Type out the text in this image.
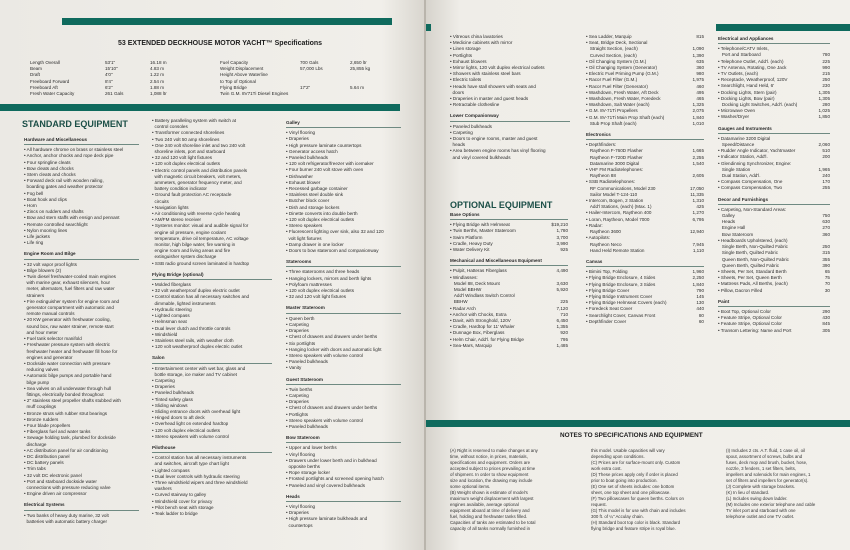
53 EXTENDED DECKHOUSE MOTOR YACHT™ Specifications
Length Overall	53'1"	16.18 m	Fuel Capacity	700 Gals	2,650 ltr
Beam	15'10"	4.83 m	Weight Displacement	57,000 Lbs	25,855 kg
Draft	4'0"	1.22 m	Height Above Waterline
Freeboard Forward	8'4"	2.54 m	to Top of Optional
Freeboard Aft	6'2"	1.88 m	Flying Bridge	17'2"	5.64 m
Fresh Water Capacity	261 Gals	1,088 ltr	Twin G.M. 8V71Ti Diesel Engines
STANDARD EQUIPMENT
Hardware and Miscellaneous
• All hardware chrome on brass or stainless steel
• Anchor, anchor chocks and rope deck pipe
• Four springline cleats
• Bow cleats and chocks
• Stern cleats and chocks
• Forward deck rail with wooden railing,
boarding gates and weather protector
• Fog bell
• Boat hook and clips
• Horn
• Zincs on rudders and shafts
• Bow and stern staffs with ensign and pennant
• Remote controlled searchlight
• Nylon mooring lines
• Life jackets
• Life ring
Engine Room and Bilge
• 32 volt vapor proof lights
• Bilge blowers (2)
• Twin diesel freshwater-cooled main engines
with marine gear, exhaust silencers, hour
meter, alternators, fuel filters and raw water
strainers
• Fire extinguisher system for engine room and
generator compartment with automatic and
remote manual controls
• 20 KW generator with freshwater cooling,
sound box, raw water strainer, remote start
and hour meter
• Fuel tank selector manifold
• Freshwater pressure system with electric
freshwater heater and freshwater fill hose for
engines and generator
• Dockside water connection with pressure
reducing valves
• Automatic bilge pumps and portable hand
bilge pump
• Sea valves on all underwater through hull
fittings, electrically bonded throughout
• 2" stainless steel propeller shafts stubbed with
muff couplings
• Bronze struts with rubber strut bearings
• Bronze rudders
• Four blade propellers
• Fiberglass fuel and water tanks
• Sewage holding tank, plumbed for dockside
discharge
• AC distribution panel for air conditioning
• DC distribution panel
• DC battery panels
• Trim tabs
• 32 volt DC electronic panel
• Port and starboard dockside water
connections with pressure reducing valve
• Engine driven air compressor
Electrical Systems
• Two banks of heavy duty marine, 32 volt
batteries with automatic battery charger
• Battery paralleling system with switch at
control consoles
• Transformer connected shorelines
• Two 240 volt 50 amp shorelines
• One 240 volt shoreline inlet and two 240 volt
shoreline inlets, port and starboard
• 32 and 120 volt light fixtures
• 120 volt duplex electrical outlets
• Electric control panels and distribution panels
with magnetic circuit breakers, volt meters,
ammeters, generator frequency meter, and
battery condition indicator
• Ground fault protection AC receptacle
circuits
• Navigation lights
• Air conditioning with reverse cycle heating
• AM/FM stereo receiver
• Systems monitor: visual and audible signal for
engine oil pressure, engine coolant
temperature, drive oil temperature, AC voltage
monitor, high bilge water, fire warning in
engine room and living areas and fire
extinguisher system discharge
• SSB radio ground screen laminated in hardtop
Flying Bridge (optional)
• Molded fiberglass
• 32 volt weatherproof duplex electric outlet
• Control station has all necessary switches and
dimmable, lighted instruments
• Hydraulic steering
• Lighted compass
• Helmsman seat
• Dual lever clutch and throttle controls
• Windshield
• Stainless steel rails, with weather cloth
• 120 volt weatherproof duplex electric outlet
Salon
• Entertainment center with wet bar, glass and
bottle storage, ice maker and TV cabinet
• Carpeting
• Draperies
• Paneled bulkheads
• Tinted safety glass
• Sliding windows
• Sliding entrance doors with overhead light
• Hinged doors to aft deck
• Overhead light on extended hardtop
• 120 volt duplex electrical outlets
• Stereo speakers with volume control
Pilothouse
• Control station has all necessary instruments
and switches, aircraft type chart light
• Lighted compass
• Dual lever controls with hydraulic steering
• Three windshield wipers and three windshield
washers
• Curved stairway to galley
• Windshield cover for privacy
• Pilot bench seat with storage
• Teak ladder to bridge
Galley
• Vinyl flooring
• Draperies
• High pressure laminate countertops
• Generator access hatch
• Paneled bulkheads
• 120 volt refrigerator/freezer with icemaker
• Four burner 240 volt stove with oven
• Dishwasher
• Exhaust blower
• Recessed garbage container
• Stainless steel double sink
• Butcher block cover
• Dish and storage lockers
• Dinette converts into double berth
• 120 volt duplex electrical outlets
• Stereo speakers
• Fluorescent lighting over sink, also 32 and 120
volt light fixtures
• Damp drawer in one locker
• Doors to bow stateroom and companionway
Staterooms
• Three staterooms and three heads
• Hanging lockers, mirrors and berth lights
• Polyfoam mattresses
• 120 volt duplex electrical outlets
• 32 and 120 volt light fixtures
Master Stateroom
• Queen berth
• Carpeting
• Draperies
• Chest of drawers and drawers under berths
• Six portlights
• Hanging locker with doors and automatic light
• Stereo speakers with volume control
• Paneled bulkheads
• Vanity
Guest Stateroom
• Twin berths
• Carpeting
• Draperies
• Chest of drawers and drawers under berths
• Portlights
• Stereo speakers with volume control
• Paneled bulkheads
Bow Stateroom
• Upper and lower berths
• Vinyl flooring
• Drawers under lower berth and in bulkhead
opposite berths
• Rope storage locker
• Frosted portlights and screened opening hatch
• Paneled and vinyl covered bulkheads
Heads
• Vinyl flooring
• Draperies
• High pressure laminate bulkheads and
countertops
• Vitreous china lavatories
• Medicine cabinets with mirror
• Linen storage
• Portlights
• Exhaust blowers
• Mirror lights, 120 volt duplex electrical outlets
• Showers with stainless steel bars
• Electric toilets
• Heads have stall showers with seats and
doors
• Draperies in master and guest heads
• Retractable clothesline
Lower Companionway
• Paneled bulkheads
• Carpeting
• Doors to engine rooms, master and guest
heads
• Area between engine rooms has vinyl flooring
and vinyl covered bulkheads
OPTIONAL EQUIPMENT
Base Options
• Flying Bridge with Helmseat	$19,210
• Twin Berths, Master Stateroom	1,780
• Swim Platform	3,700
• Cradle, Heavy Duty	3,990
• Water Delivery Kit	925
Mechanical and Miscellaneous Equipment
• Pulpit, Hatteras Fiberglass	4,490
• Windlasses:
Model 88, Deck Mount	3,630
Model BBHW	5,920
Add'l Windlass Switch Control
BBHW	225
• Radar Arch	7,120
• Anchor with Chocks, Extra	710
• Davit, with Stronghold, 120V	6,450
• Cradle, Hardtop for 11' Whaler	1,355
• Dunnage Box, Fiberglass	920
• Helm Chair, Add'l. for Flying Bridge	795
• Sea-Mars, Marquip	1,485
• Sea Ladder, Marquip	815
• Seat, Bridge Deck, Sectional
Straight Section, (each)	1,090
Curved Section, (each)	1,390
• Oil Changing System (G.M.)	635
• Oil Changing System (Generator)	360
• Electric Fuel Priming Pump (G.M.)	980
• Racor Fuel Filter (G.M.)	1,975
• Racor Fuel Filter (Generator)	460
• Washdown, Fresh Water, Aft Deck	495
• Washdown, Fresh Water, Foredeck	465
• Washdown, Salt Water (each)	1,325
• G.M. 8V-71Ti Propellers	2,075
• G.M. 8V-71Ti Main Prop Shaft (each)	1,840
Stub Prop Shaft (each)	1,010
Electronics
• Depthfinders:
Raytheon F-760D Flasher	1,665
Raytheon F-720D Flasher	2,255
Datamarine 3000 Digital	1,540
• VHF FM Radiotelephones:
Raytheon 88	2,605
• SSB Radiotelephones:
RF Communications, Model 230	17,050
Sailor Model T-124-110	11,335
• Intercom, Bogen, 2 Station	1,310
Add'l Stations, (each) (Max. 1)	425
• Hailer-Intercom, Raytheon 400	1,270
• Loran, Raytheon, Model 7000	6,795
• Radar:
Raytheon 3600	12,940
• Autopilots:
Raytheon Neco	7,945
Hand Held Remote Station	1,110
Canvas
• Bimini Top, Folding	1,960
• Flying Bridge Enclosure, 4 Sides	2,250
• Flying Bridge Enclosure, 3 Sides	1,840
• Flying Bridge Cover	790
• Flying Bridge Instrument Cover	145
• Flying Bridge Helmseat Covers (each)	130
• Foredeck Seat Cover	440
• Searchlight Cover, Canvas Front	80
• Depthfinder Cover	60
Electrical and Appliances
• Telephone/CATV Inlets,
Port and Starboard	780
• Telephone Outlet, Add'l. (each)	225
• TV Antenna, Rotating, One Jack	990
• TV Outlets, (each)	215
• Receptacle, Weatherproof, 120V	250
• Searchlight, Hand Held, 6'	230
• Docking Lights, Stern (pair)	1,305
• Docking Lights, Bow (pair)	1,305
Docking Light Switches, Add'l. (each)	280
• Microwave Oven	1,025
• Washer/Dryer	1,850
Gauges and Instruments
• Datamarine 3200 Digital
Speed/Distance	2,060
• Rudder Angle Indicator, Yachtmaster	510
• Indicator Station, Add'l.	200
• Glendinning Synchronizer, Engine:
Single Station	1,965
Dual Station, Add'l.	240
• Compass Compensation, One	170
• Compass Compensation, Two	255
Decor and Furnishings
• Carpeting, Non-Standard Areas:
Galley	750
Heads	630
Engine Hall	270
Bow Stateroom	360
• Headboards Upholstered, (each)
Single Berth, Non-Quilted Fabric	250
Single Berth, Quilted Fabric	315
Queen Berth, Non-Quilted Fabric	355
Queen Berth, Quilted Fabric	390
• Sheets, Per Set, Standard Berth	65
• Sheets, Per Set, Queen Berth	75
• Mattress Pads, All Berths, (each)	70
• Pillow, Dacron Filled	30
Paint
• Boot Top, Optional Color	290
• Feature Stripe, Optional Color	430
• Feature Stripe, Optional Color	845
• Transom Lettering: Name and Port	305
NOTES TO SPECIFICATIONS AND EQUIPMENT
(A) Right is reserved to make changes at any
time, without notice, in prices, materials,
specifications and equipment. Orders are
accepted subject to prices prevailing at time
of shipment. In order to show equipment
size and location, the drawing may include
some optional items.
(B) Weight shown is estimate of model's
maximum weight displacement with largest
engines available, average optional
equipment aboard at time of delivery and
fuel, holding and freshwater tanks filled.
Capacities of tanks are estimated to be total
capacity of all tanks normally furnished in
this model. Usable capacities will vary
depending upon conditions.
(C) Prices are for surface-mount only. Custom
work extra cost.
(D) These prices apply only if order is placed
prior to boat going into production.
(E) One set of sheets includes: one bottom
sheet, one top sheet and one pillowcase.
(F) Two pillowcases for queen berths. Colors on
request.
(G) This model is for use with chain and includes
300 ft. of ¼" Acculay chain.
(H) Standard boot top color is black. Standard
flying bridge and feature stripe is royal blue.
(I) Includes 2 cts. A.T. fluid, 1 case oil, oil
spout, assortment of screws, bulbs and
fuses, deck mop and brush, bucket, hose,
nozzle, 3 fenders, 1 set filters, belts,
impellers and solenoids for main engines, 1
set of filters and impellers for generator(s).
(J) Complete with storage brackets.
(K) In lieu of standard.
(L) Includes swing down ladder.
(M) Includes one exterior telephone and cable
TV inlet port and starboard with one
telephone outlet and one TV outlet.
